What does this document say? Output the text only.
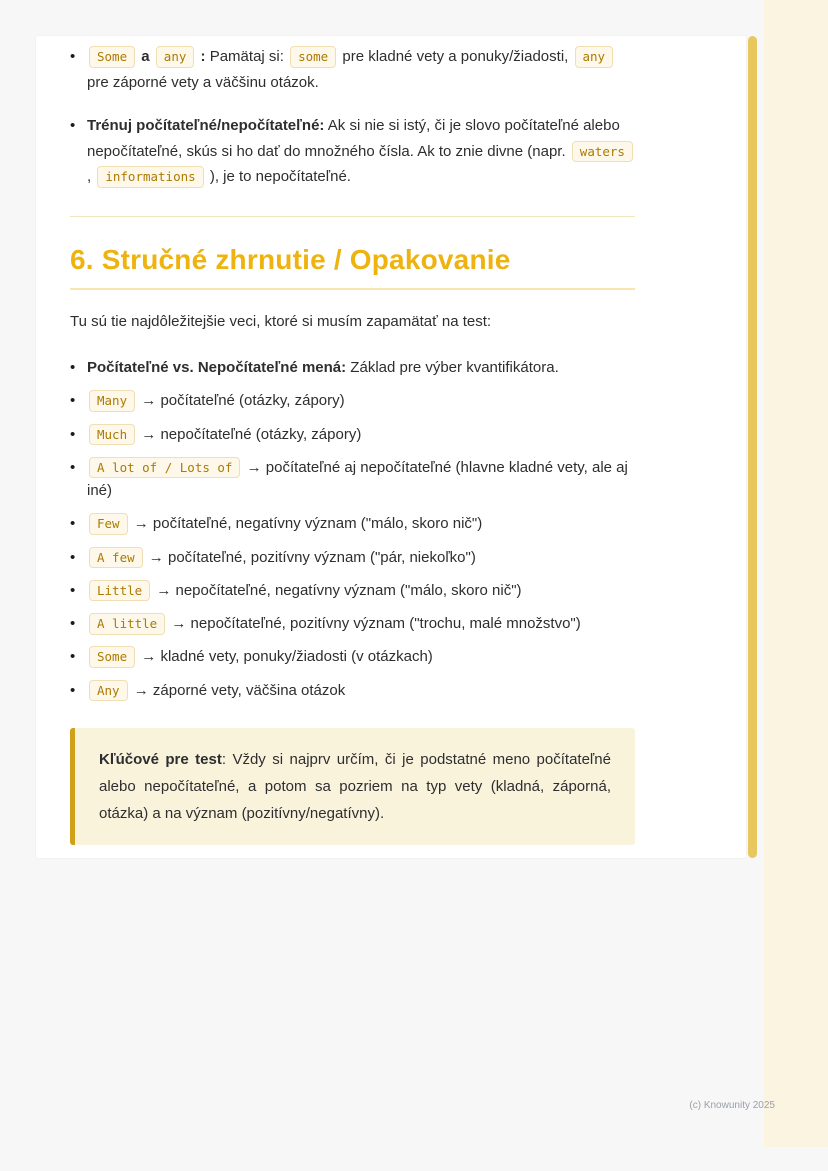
• Some a any : Pamätaj si: some pre kladné vety a ponuky/žiadosti, any pre záporné vety a väčšinu otázok.
• Trénuj počítateľné/nepočítateľné: Ak si nie si istý, či je slovo počítateľné alebo nepočítateľné, skús si ho dať do množného čísla. Ak to znie divne (napr. waters , informations ), je to nepočítateľné.
6. Stručné zhrnutie / Opakovanie

Tu sú tie najdôležitejšie veci, ktoré si musím zapamätať na test:

• Počítateľné vs. Nepočítateľné mená: Základ pre výber kvantifikátora.
• Many → počítateľné (otázky, zápory)
• Much → nepočítateľné (otázky, zápory)
• A lot of / Lots of → počítateľné aj nepočítateľné (hlavne kladné vety, ale aj iné)
• Few → počítateľné, negatívny význam ("málo, skoro nič")
• A few → počítateľné, pozitívny význam ("pár, niekoľko")
• Little → nepočítateľné, negatívny význam ("málo, skoro nič")
• A little → nepočítateľné, pozitívny význam ("trochu, malé množstvo")
• Some → kladné vety, ponuky/žiadosti (v otázkach)
• Any → záporné vety, väčšina otázok

Kľúčové pre test: Vždy si najprv určím, či je podstatné meno počítateľné alebo nepočítateľné, a potom sa pozriem na typ vety (kladná, záporná, otázka) a na význam (pozitívny/negatívny).

(c) Knowunity 2025
